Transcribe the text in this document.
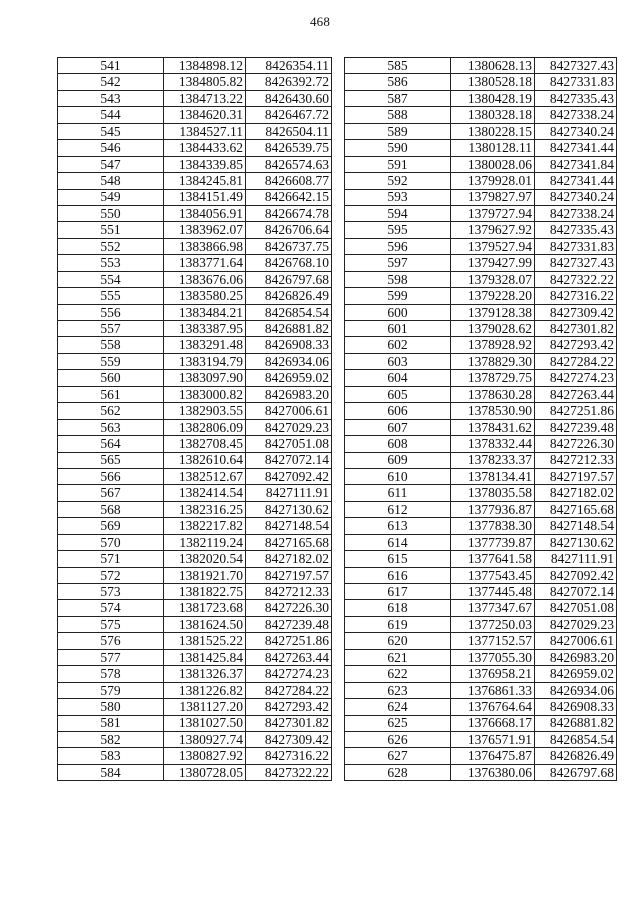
468
541	1384898.12	8426354.11
542	1384805.82	8426392.72
543	1384713.22	8426430.60
544	1384620.31	8426467.72
545	1384527.11	8426504.11
546	1384433.62	8426539.75
547	1384339.85	8426574.63
548	1384245.81	8426608.77
549	1384151.49	8426642.15
550	1384056.91	8426674.78
551	1383962.07	8426706.64
552	1383866.98	8426737.75
553	1383771.64	8426768.10
554	1383676.06	8426797.68
555	1383580.25	8426826.49
556	1383484.21	8426854.54
557	1383387.95	8426881.82
558	1383291.48	8426908.33
559	1383194.79	8426934.06
560	1383097.90	8426959.02
561	1383000.82	8426983.20
562	1382903.55	8427006.61
563	1382806.09	8427029.23
564	1382708.45	8427051.08
565	1382610.64	8427072.14
566	1382512.67	8427092.42
567	1382414.54	8427111.91
568	1382316.25	8427130.62
569	1382217.82	8427148.54
570	1382119.24	8427165.68
571	1382020.54	8427182.02
572	1381921.70	8427197.57
573	1381822.75	8427212.33
574	1381723.68	8427226.30
575	1381624.50	8427239.48
576	1381525.22	8427251.86
577	1381425.84	8427263.44
578	1381326.37	8427274.23
579	1381226.82	8427284.22
580	1381127.20	8427293.42
581	1381027.50	8427301.82
582	1380927.74	8427309.42
583	1380827.92	8427316.22
584	1380728.05	8427322.22
585	1380628.13	8427327.43
586	1380528.18	8427331.83
587	1380428.19	8427335.43
588	1380328.18	8427338.24
589	1380228.15	8427340.24
590	1380128.11	8427341.44
591	1380028.06	8427341.84
592	1379928.01	8427341.44
593	1379827.97	8427340.24
594	1379727.94	8427338.24
595	1379627.92	8427335.43
596	1379527.94	8427331.83
597	1379427.99	8427327.43
598	1379328.07	8427322.22
599	1379228.20	8427316.22
600	1379128.38	8427309.42
601	1379028.62	8427301.82
602	1378928.92	8427293.42
603	1378829.30	8427284.22
604	1378729.75	8427274.23
605	1378630.28	8427263.44
606	1378530.90	8427251.86
607	1378431.62	8427239.48
608	1378332.44	8427226.30
609	1378233.37	8427212.33
610	1378134.41	8427197.57
611	1378035.58	8427182.02
612	1377936.87	8427165.68
613	1377838.30	8427148.54
614	1377739.87	8427130.62
615	1377641.58	8427111.91
616	1377543.45	8427092.42
617	1377445.48	8427072.14
618	1377347.67	8427051.08
619	1377250.03	8427029.23
620	1377152.57	8427006.61
621	1377055.30	8426983.20
622	1376958.21	8426959.02
623	1376861.33	8426934.06
624	1376764.64	8426908.33
625	1376668.17	8426881.82
626	1376571.91	8426854.54
627	1376475.87	8426826.49
628	1376380.06	8426797.68
